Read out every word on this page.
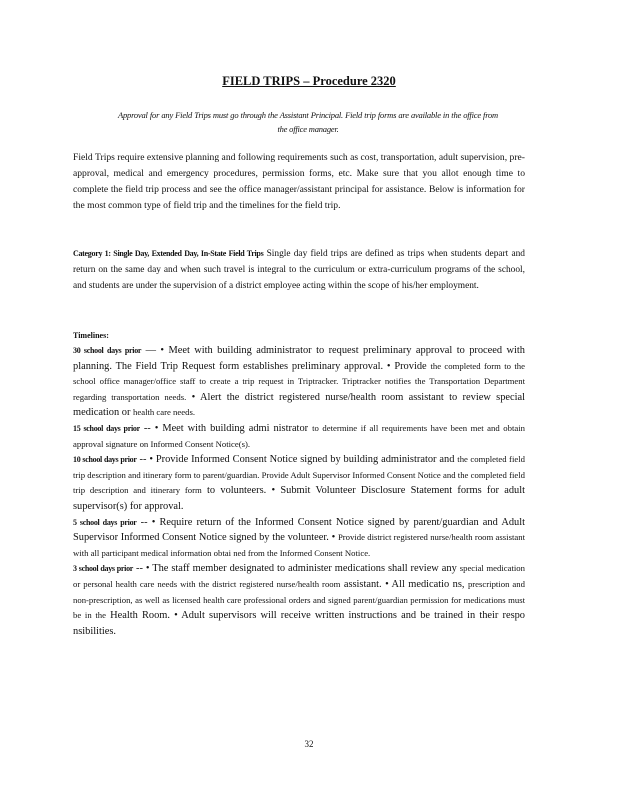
FIELD TRIPS – Procedure 2320
Approval for any Field Trips must go through the Assistant Principal. Field trip forms are available in the office from the office manager.
Field Trips require extensive planning and following requirements such as cost, transportation, adult supervision, pre-approval, medical and emergency procedures, permission forms, etc. Make sure that you allot enough time to complete the field trip process and see the office manager/assistant principal for assistance. Below is information for the most common type of field trip and the timelines for the field trip.
Category 1: Single Day, Extended Day, In-State Field Trips Single day field trips are defined as trips when students depart and return on the same day and when such travel is integral to the curriculum or extra-curriculum programs of the school, and students are under the supervision of a district employee acting within the scope of his/her employment.
Timelines:

30 school days prior — • Meet with building administrator to request preliminary approval to proceed with planning. The Field Trip Request form establishes preliminary approval. • Provide the completed form to the school office manager/office staff to create a trip request in Triptracker. Triptracker notifies the Transportation Department regarding transportation needs. • Alert the district registered nurse/health room assistant to review special medication or health care needs.

15 school days prior -- • Meet with building admi nistrator to determine if all requirements have been met and obtain approval signature on Informed Consent Notice(s).

10 school days prior -- • Provide Informed Consent Notice signed by building administrator and the completed field trip description and itinerary form to parent/guardian. Provide Adult Supervisor Informed Consent Notice and the completed field trip description and itinerary form to volunteers. • Submit Volunteer Disclosure Statement forms for adult supervisor(s) for approval.

5 school days prior -- • Require return of the Informed Consent Notice signed by parent/guardian and Adult Supervisor Informed Consent Notice signed by the volunteer. • Provide district registered nurse/health room assistant with all participant medical information obtai ned from the Informed Consent Notice.

3 school days prior -- • The staff member designated to administer medications shall review any special medication or personal health care needs with the district registered nurse/health room assistant. • All medicatio ns, prescription and non-prescription, as well as licensed health care professional orders and signed parent/guardian permission for medications must be in the Health Room. • Adult supervisors will receive written instructions and be trained in their respo nsibilities.

32
